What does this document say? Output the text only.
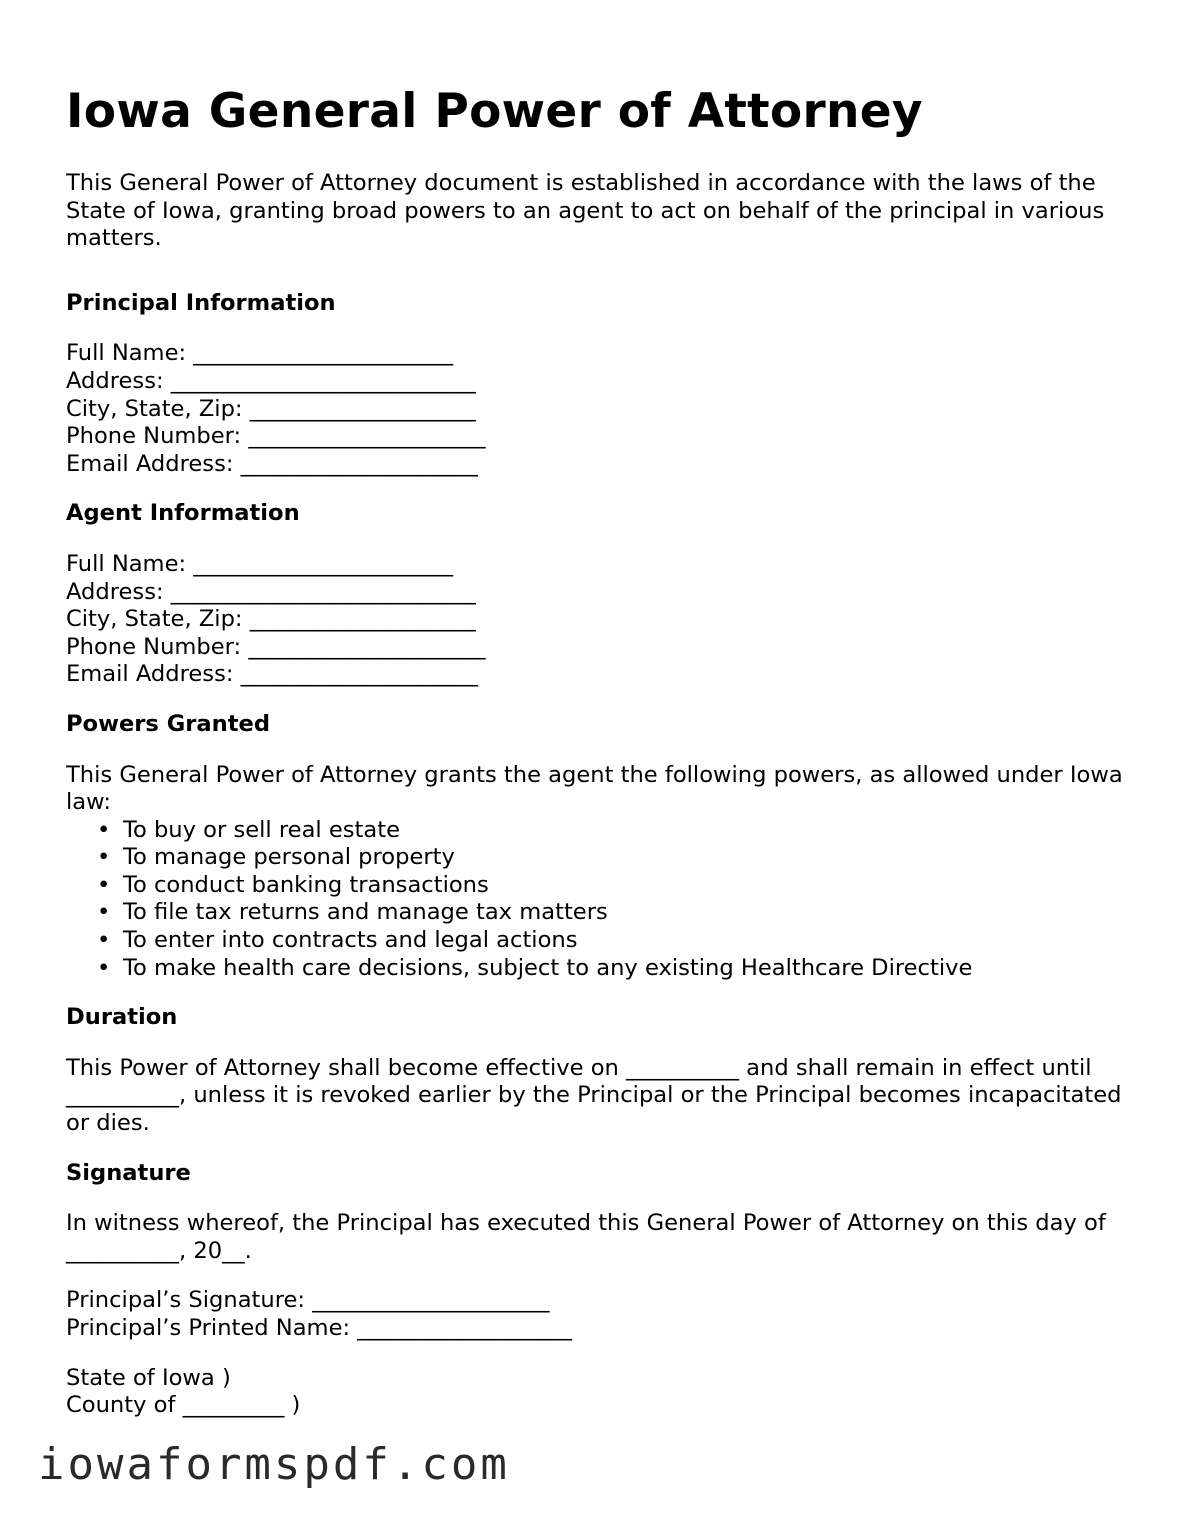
Iowa General Power of Attorney

This General Power of Attorney document is established in accordance with the laws of the State of Iowa, granting broad powers to an agent to act on behalf of the principal in various matters.

Principal Information

Full Name: _______________________
Address: ___________________________
City, State, Zip: ____________________
Phone Number: _____________________
Email Address: _____________________

Agent Information

Full Name: _______________________
Address: ___________________________
City, State, Zip: ____________________
Phone Number: _____________________
Email Address: _____________________

Powers Granted

This General Power of Attorney grants the agent the following powers, as allowed under Iowa law:

• To buy or sell real estate
• To manage personal property
• To conduct banking transactions
• To file tax returns and manage tax matters
• To enter into contracts and legal actions
• To make health care decisions, subject to any existing Healthcare Directive

Duration

This Power of Attorney shall become effective on __________ and shall remain in effect until __________, unless it is revoked earlier by the Principal or the Principal becomes incapacitated or dies.

Signature

In witness whereof, the Principal has executed this General Power of Attorney on this day of __________, 20__.

Principal’s Signature: _____________________
Principal’s Printed Name: ___________________
State of Iowa )
County of _________ )
iowaformspdf.com
